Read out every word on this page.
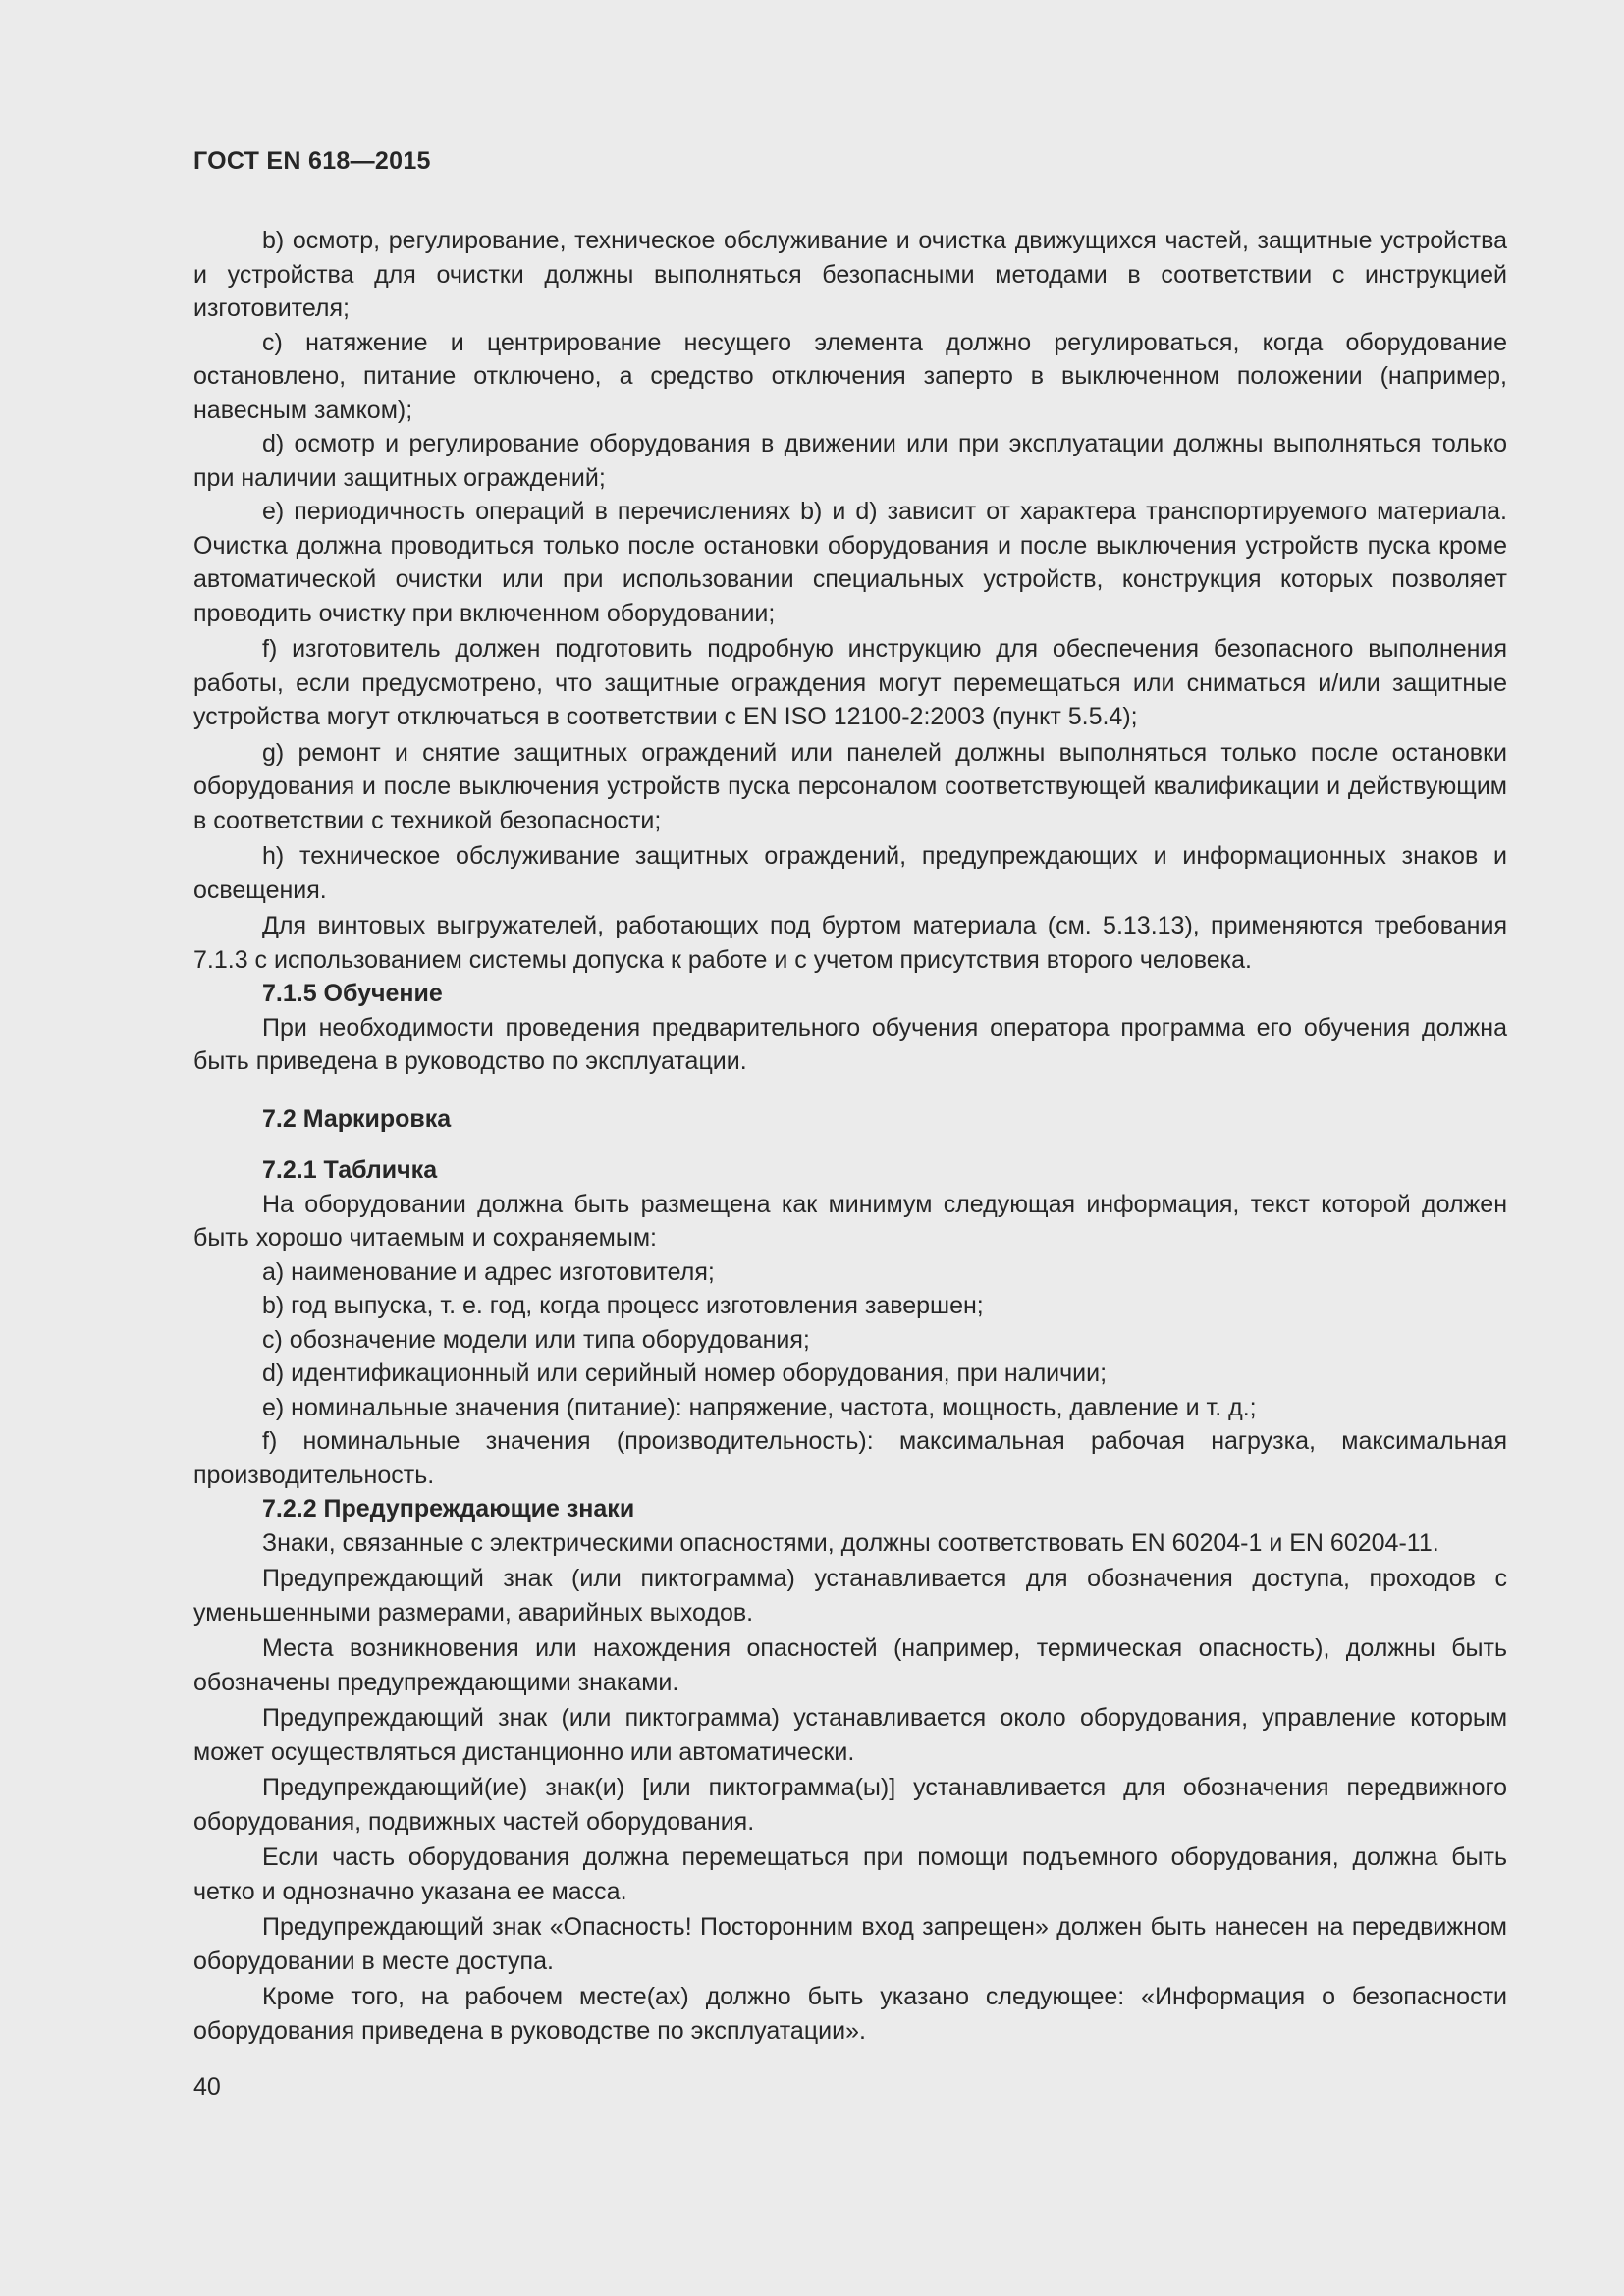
ГОСТ EN 618—2015

b) осмотр, регулирование, техническое обслуживание и очистка движущихся частей, защитные устройства и устройства для очистки должны выполняться безопасными методами в соответствии с инструкцией изготовителя;

c) натяжение и центрирование несущего элемента должно регулироваться, когда оборудование остановлено, питание отключено, а средство отключения заперто в выключенном положении (например, навесным замком);

d) осмотр и регулирование оборудования в движении или при эксплуатации должны выполняться только при наличии защитных ограждений;

e) периодичность операций в перечислениях b) и d) зависит от характера транспортируемого материала. Очистка должна проводиться только после остановки оборудования и после выключения устройств пуска кроме автоматической очистки или при использовании специальных устройств, конструкция которых позволяет проводить очистку при включенном оборудовании;

f) изготовитель должен подготовить подробную инструкцию для обеспечения безопасного выполнения работы, если предусмотрено, что защитные ограждения могут перемещаться или сниматься и/или защитные устройства могут отключаться в соответствии с EN ISO 12100-2:2003 (пункт 5.5.4);

g) ремонт и снятие защитных ограждений или панелей должны выполняться только после остановки оборудования и после выключения устройств пуска персоналом соответствующей квалификации и действующим в соответствии с техникой безопасности;

h) техническое обслуживание защитных ограждений, предупреждающих и информационных знаков и освещения.

Для винтовых выгружателей, работающих под буртом материала (см. 5.13.13), применяются требования 7.1.3 с использованием системы допуска к работе и с учетом присутствия второго человека.

7.1.5 Обучение

При необходимости проведения предварительного обучения оператора программа его обучения должна быть приведена в руководство по эксплуатации.

7.2 Маркировка

7.2.1 Табличка

На оборудовании должна быть размещена как минимум следующая информация, текст которой должен быть хорошо читаемым и сохраняемым:

a) наименование и адрес изготовителя;

b) год выпуска, т. е. год, когда процесс изготовления завершен;

c) обозначение модели или типа оборудования;

d) идентификационный или серийный номер оборудования, при наличии;

e) номинальные значения (питание): напряжение, частота, мощность, давление и т. д.;

f) номинальные значения (производительность): максимальная рабочая нагрузка, максимальная производительность.

7.2.2 Предупреждающие знаки

Знаки, связанные с электрическими опасностями, должны соответствовать EN 60204-1 и EN 60204-11.

Предупреждающий знак (или пиктограмма) устанавливается для обозначения доступа, проходов с уменьшенными размерами, аварийных выходов.

Места возникновения или нахождения опасностей (например, термическая опасность), должны быть обозначены предупреждающими знаками.

Предупреждающий знак (или пиктограмма) устанавливается около оборудования, управление которым может осуществляться дистанционно или автоматически.

Предупреждающий(ие) знак(и) [или пиктограмма(ы)] устанавливается для обозначения передвижного оборудования, подвижных частей оборудования.

Если часть оборудования должна перемещаться при помощи подъемного оборудования, должна быть четко и однозначно указана ее масса.

Предупреждающий знак «Опасность! Посторонним вход запрещен» должен быть нанесен на передвижном оборудовании в месте доступа.

Кроме того, на рабочем месте(ах) должно быть указано следующее: «Информация о безопасности оборудования приведена в руководстве по эксплуатации».

40
